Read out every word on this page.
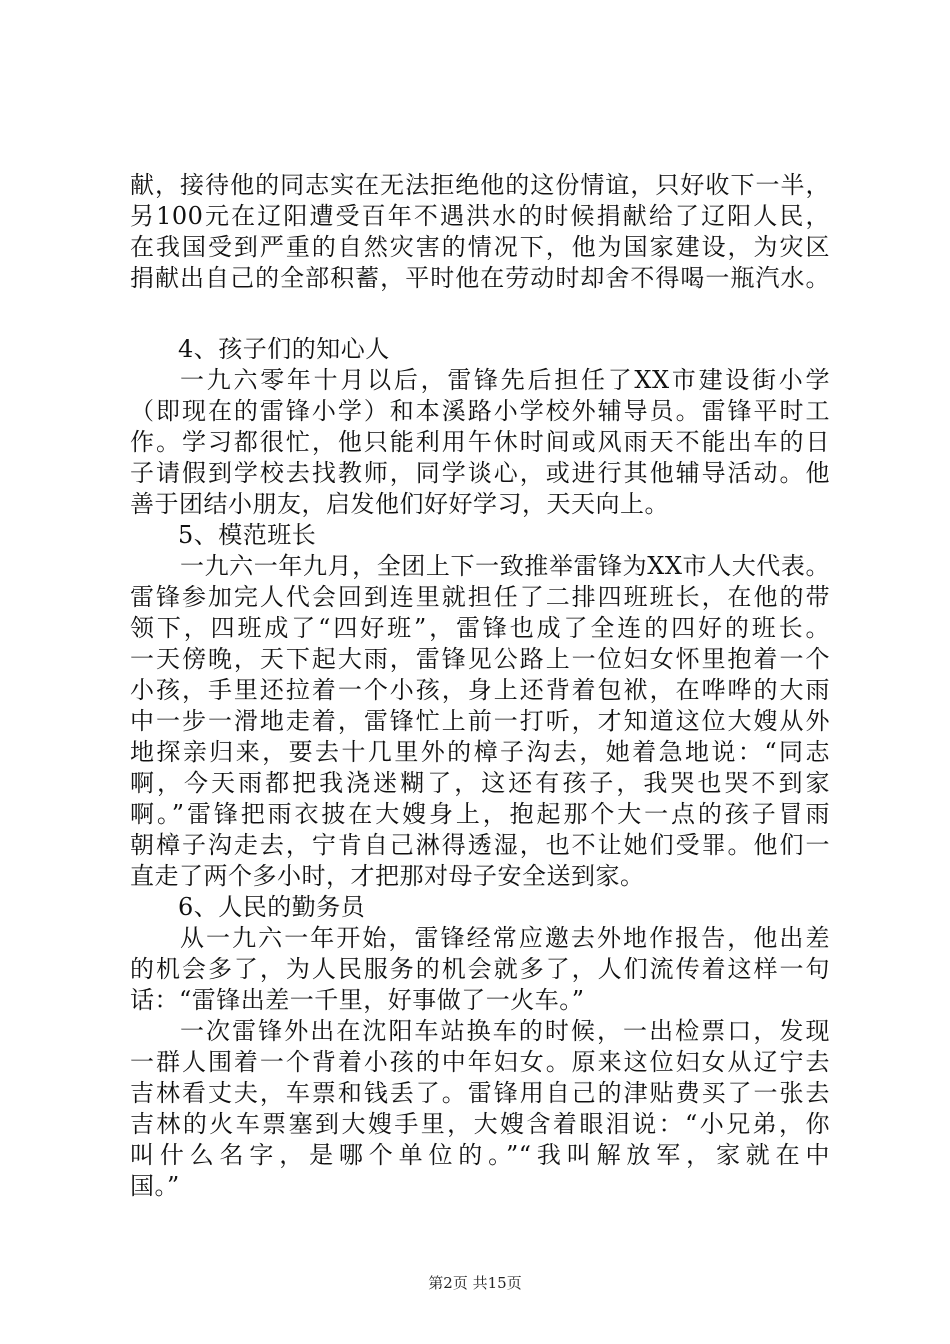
献，接待他的同志实在无法拒绝他的这份情谊，只好收下一半，
另100元在辽阳遭受百年不遇洪水的时候捐献给了辽阳人民，
在我国受到严重的自然灾害的情况下，他为国家建设，为灾区
捐献出自己的全部积蓄，平时他在劳动时却舍不得喝一瓶汽水。
4、孩子们的知心人
一九六零年十月以后，雷锋先后担任了XX市建设街小学
（即现在的雷锋小学）和本溪路小学校外辅导员。雷锋平时工
作。学习都很忙，他只能利用午休时间或风雨天不能出车的日
子请假到学校去找教师，同学谈心，或进行其他辅导活动。他
善于团结小朋友，启发他们好好学习，天天向上。
5、模范班长
一九六一年九月，全团上下一致推举雷锋为XX市人大代表。
雷锋参加完人代会回到连里就担任了二排四班班长，在他的带
领下，四班成了“四好班”，雷锋也成了全连的四好的班长。
一天傍晚，天下起大雨，雷锋见公路上一位妇女怀里抱着一个
小孩，手里还拉着一个小孩，身上还背着包袱，在哗哗的大雨
中一步一滑地走着，雷锋忙上前一打听，才知道这位大嫂从外
地探亲归来，要去十几里外的樟子沟去，她着急地说：“同志
啊，今天雨都把我浇迷糊了，这还有孩子，我哭也哭不到家
啊。”雷锋把雨衣披在大嫂身上，抱起那个大一点的孩子冒雨
朝樟子沟走去，宁肯自己淋得透湿，也不让她们受罪。他们一
直走了两个多小时，才把那对母子安全送到家。
6、人民的勤务员
从一九六一年开始，雷锋经常应邀去外地作报告，他出差
的机会多了，为人民服务的机会就多了，人们流传着这样一句
话：“雷锋出差一千里，好事做了一火车。”
一次雷锋外出在沈阳车站换车的时候，一出检票口，发现
一群人围着一个背着小孩的中年妇女。原来这位妇女从辽宁去
吉林看丈夫，车票和钱丢了。雷锋用自己的津贴费买了一张去
吉林的火车票塞到大嫂手里，大嫂含着眼泪说：“小兄弟，你
叫什么名字，是哪个单位的。”“我叫解放军，家就在中
国。”
第2页 共15页
